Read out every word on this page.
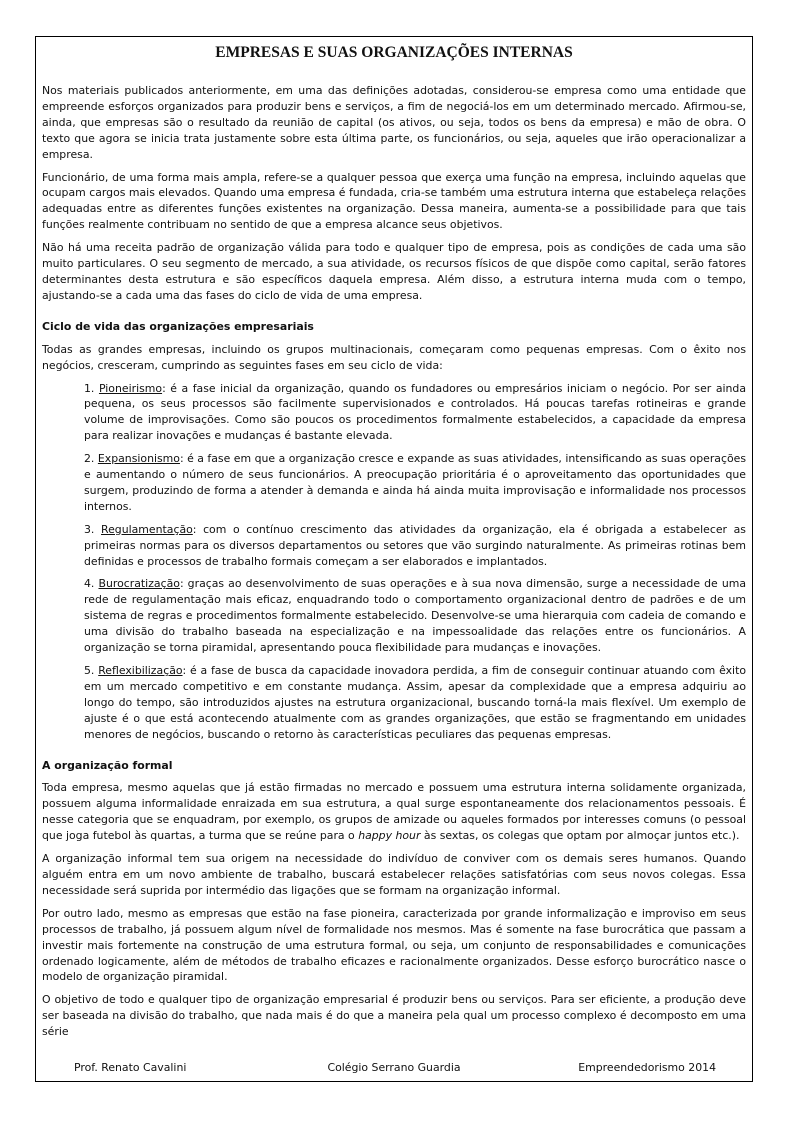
EMPRESAS E SUAS ORGANIZAÇÕES INTERNAS

Nos materiais publicados anteriormente, em uma das definições adotadas, considerou-se empresa como uma entidade que empreende esforços organizados para produzir bens e serviços, a fim de negociá-los em um determinado mercado. Afirmou-se, ainda, que empresas são o resultado da reunião de capital (os ativos, ou seja, todos os bens da empresa) e mão de obra. O texto que agora se inicia trata justamente sobre esta última parte, os funcionários, ou seja, aqueles que irão operacionalizar a empresa.

Funcionário, de uma forma mais ampla, refere-se a qualquer pessoa que exerça uma função na empresa, incluindo aquelas que ocupam cargos mais elevados. Quando uma empresa é fundada, cria-se também uma estrutura interna que estabeleça relações adequadas entre as diferentes funções existentes na organização. Dessa maneira, aumenta-se a possibilidade para que tais funções realmente contribuam no sentido de que a empresa alcance seus objetivos.

Não há uma receita padrão de organização válida para todo e qualquer tipo de empresa, pois as condições de cada uma são muito particulares. O seu segmento de mercado, a sua atividade, os recursos físicos de que dispõe como capital, serão fatores determinantes desta estrutura e são específicos daquela empresa. Além disso, a estrutura interna muda com o tempo, ajustando-se a cada uma das fases do ciclo de vida de uma empresa.

Ciclo de vida das organizações empresariais

Todas as grandes empresas, incluindo os grupos multinacionais, começaram como pequenas empresas. Com o êxito nos negócios, cresceram, cumprindo as seguintes fases em seu ciclo de vida:

1. Pioneirismo: é a fase inicial da organização, quando os fundadores ou empresários iniciam o negócio. Por ser ainda pequena, os seus processos são facilmente supervisionados e controlados. Há poucas tarefas rotineiras e grande volume de improvisações. Como são poucos os procedimentos formalmente estabelecidos, a capacidade da empresa para realizar inovações e mudanças é bastante elevada.
2. Expansionismo: é a fase em que a organização cresce e expande as suas atividades, intensificando as suas operações e aumentando o número de seus funcionários. A preocupação prioritária é o aproveitamento das oportunidades que surgem, produzindo de forma a atender à demanda e ainda há ainda muita improvisação e informalidade nos processos internos.
3. Regulamentação: com o contínuo crescimento das atividades da organização, ela é obrigada a estabelecer as primeiras normas para os diversos departamentos ou setores que vão surgindo naturalmente. As primeiras rotinas bem definidas e processos de trabalho formais começam a ser elaborados e implantados.
4. Burocratização: graças ao desenvolvimento de suas operações e à sua nova dimensão, surge a necessidade de uma rede de regulamentação mais eficaz, enquadrando todo o comportamento organizacional dentro de padrões e de um sistema de regras e procedimentos formalmente estabelecido. Desenvolve-se uma hierarquia com cadeia de comando e uma divisão do trabalho baseada na especialização e na impessoalidade das relações entre os funcionários. A organização se torna piramidal, apresentando pouca flexibilidade para mudanças e inovações.
5. Reflexibilização: é a fase de busca da capacidade inovadora perdida, a fim de conseguir continuar atuando com êxito em um mercado competitivo e em constante mudança. Assim, apesar da complexidade que a empresa adquiriu ao longo do tempo, são introduzidos ajustes na estrutura organizacional, buscando torná-la mais flexível. Um exemplo de ajuste é o que está acontecendo atualmente com as grandes organizações, que estão se fragmentando em unidades menores de negócios, buscando o retorno às características peculiares das pequenas empresas.
A organização formal

Toda empresa, mesmo aquelas que já estão firmadas no mercado e possuem uma estrutura interna solidamente organizada, possuem alguma informalidade enraizada em sua estrutura, a qual surge espontaneamente dos relacionamentos pessoais. É nesse categoria que se enquadram, por exemplo, os grupos de amizade ou aqueles formados por interesses comuns (o pessoal que joga futebol às quartas, a turma que se reúne para o happy hour às sextas, os colegas que optam por almoçar juntos etc.).

A organização informal tem sua origem na necessidade do indivíduo de conviver com os demais seres humanos. Quando alguém entra em um novo ambiente de trabalho, buscará estabelecer relações satisfatórias com seus novos colegas. Essa necessidade será suprida por intermédio das ligações que se formam na organização informal.

Por outro lado, mesmo as empresas que estão na fase pioneira, caracterizada por grande informalização e improviso em seus processos de trabalho, já possuem algum nível de formalidade nos mesmos. Mas é somente na fase burocrática que passam a investir mais fortemente na construção de uma estrutura formal, ou seja, um conjunto de responsabilidades e comunicações ordenado logicamente, além de métodos de trabalho eficazes e racionalmente organizados. Desse esforço burocrático nasce o modelo de organização piramidal.

O objetivo de todo e qualquer tipo de organização empresarial é produzir bens ou serviços. Para ser eficiente, a produção deve ser baseada na divisão do trabalho, que nada mais é do que a maneira pela qual um processo complexo é decomposto em uma série

Prof. Renato Cavalini	Colégio Serrano Guardia	Empreendedorismo 2014
